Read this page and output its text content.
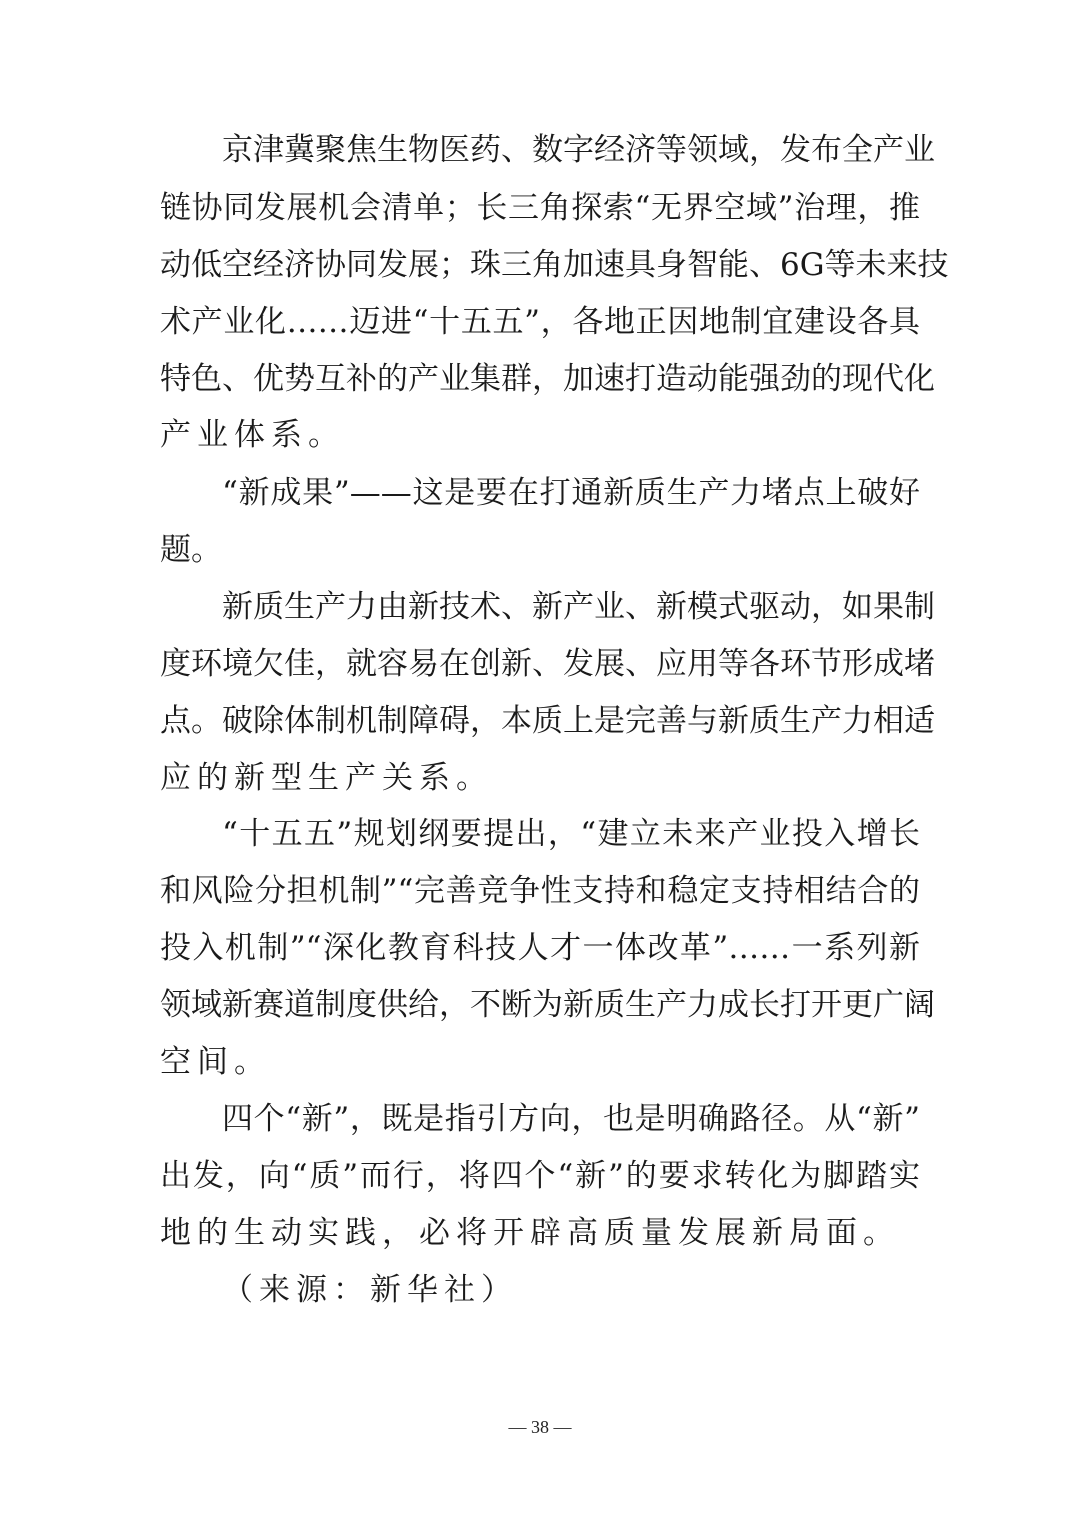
京津冀聚焦生物医药、数字经济等领域，发布全产业
链协同发展机会清单；长三角探索“无界空域”治理，推
动低空经济协同发展；珠三角加速具身智能、6G等未来技
术产业化……迈进“十五五”，各地正因地制宜建设各具
特色、优势互补的产业集群，加速打造动能强劲的现代化
产业体系。
“新成果”——这是要在打通新质生产力堵点上破好
题。
新质生产力由新技术、新产业、新模式驱动，如果制
度环境欠佳，就容易在创新、发展、应用等各环节形成堵
点。破除体制机制障碍，本质上是完善与新质生产力相适
应的新型生产关系。
“十五五”规划纲要提出，“建立未来产业投入增长
和风险分担机制”“完善竞争性支持和稳定支持相结合的
投入机制”“深化教育科技人才一体改革”……一系列新
领域新赛道制度供给，不断为新质生产力成长打开更广阔
空间。
四个“新”，既是指引方向，也是明确路径。从“新”
出发，向“质”而行，将四个“新”的要求转化为脚踏实
地的生动实践，必将开辟高质量发展新局面。
（来源：新华社）
— 38 —
